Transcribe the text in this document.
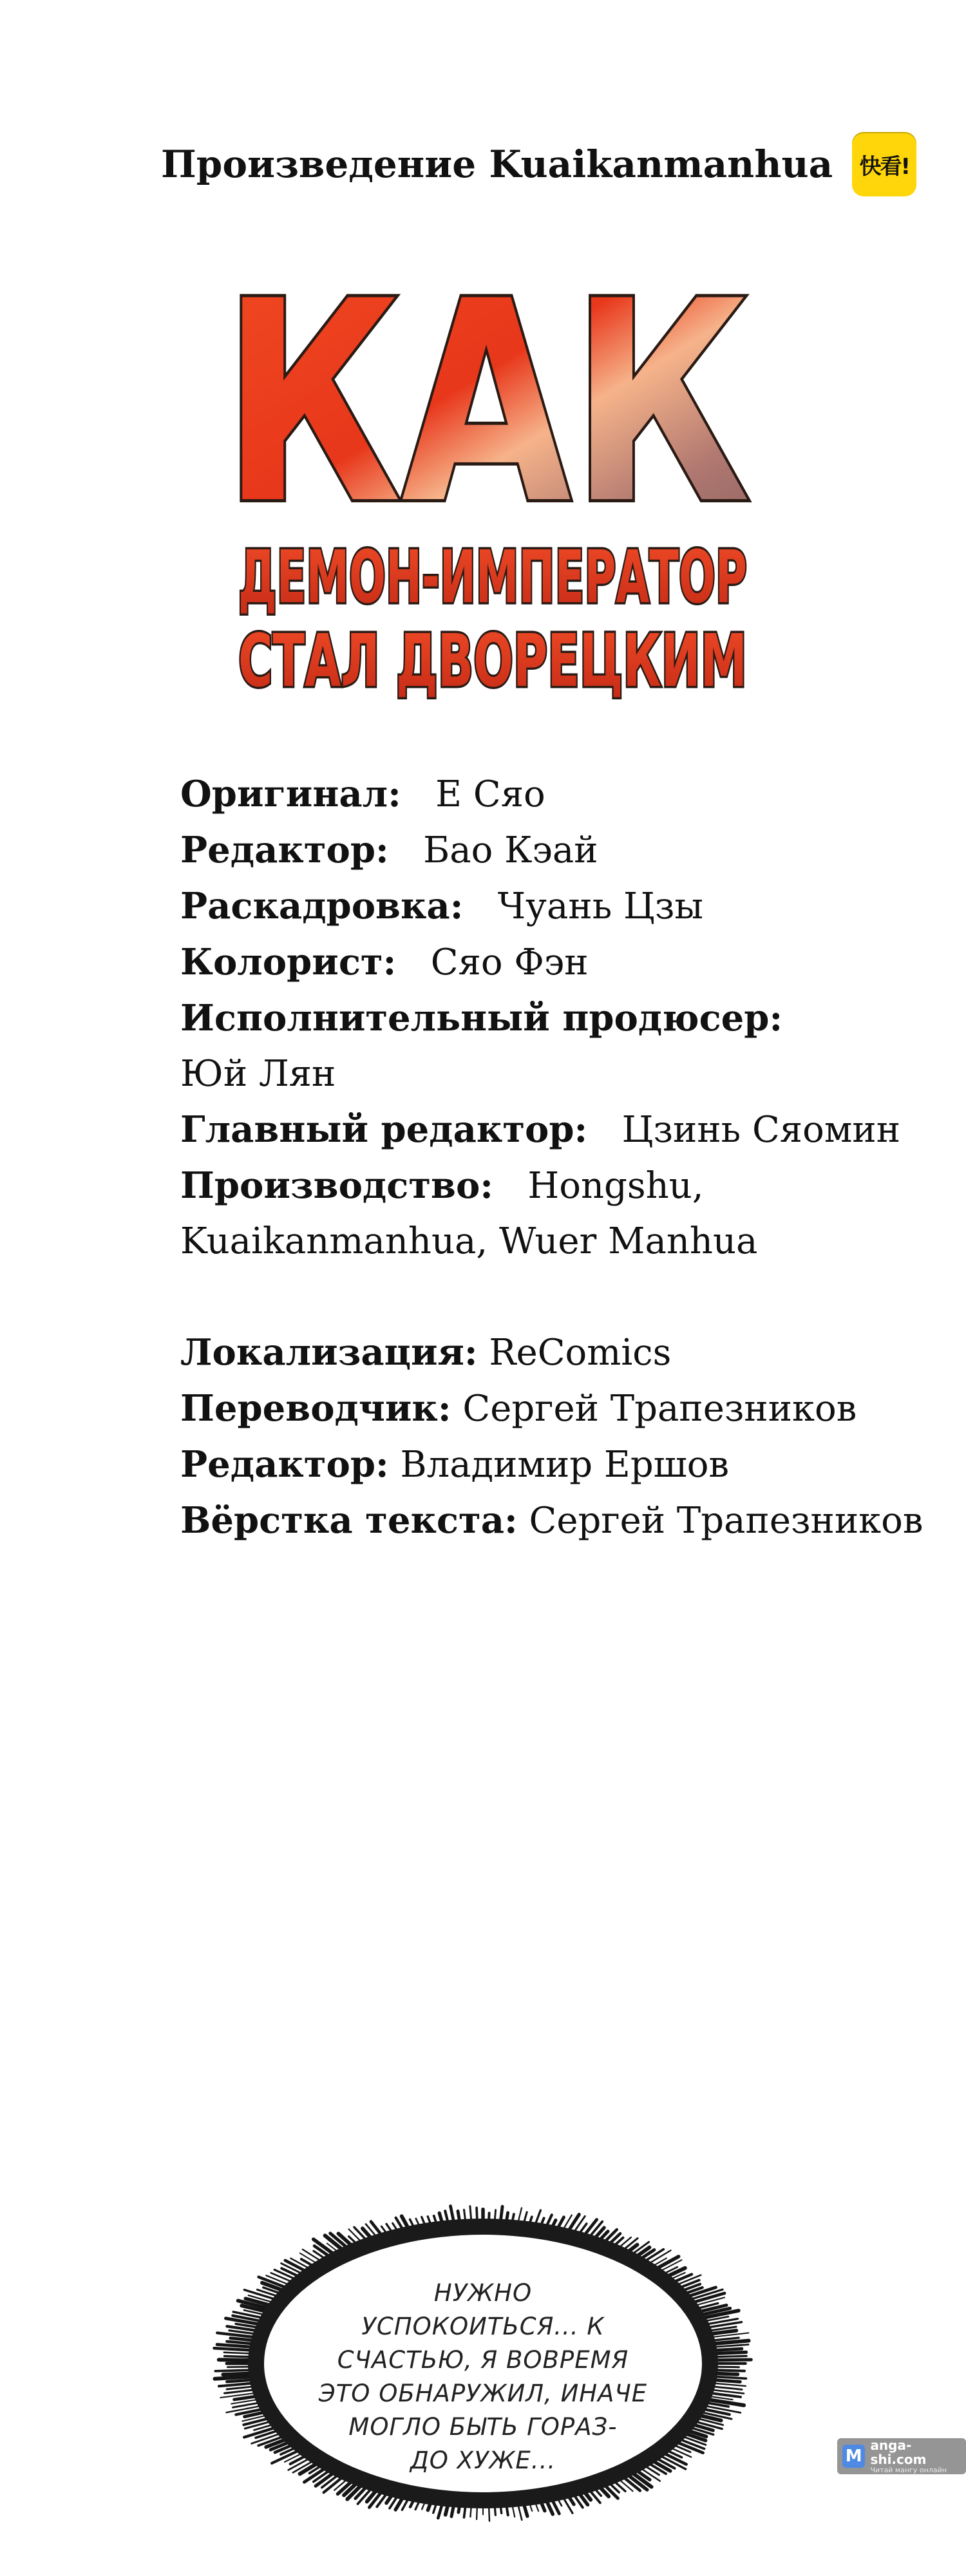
Произведение Kuaikanmanhua 快看!
КАК
ДЕМОН-ИМПЕРАТОР
СТАЛ ДВОРЕЦКИМ
Оригинал: Е Сяо
Редактор: Бао Кэай
Раскадровка: Чуань Цзы
Колорист: Сяо Фэн
Исполнительный продюсер:
Юй Лян
Главный редактор: Цзинь Сяомин
Производство: Hongshu,
Kuaikanmanhua, Wuer Manhua
Локализация: ReComics
Переводчик: Сергей Трапезников
Редактор: Владимир Ершов
Вёрстка текста: Сергей Трапезников
НУЖНО
УСПОКОИТЬСЯ... К
СЧАСТЬЮ, Я ВОВРЕМЯ
ЭТО ОБНАРУЖИЛ, ИНАЧЕ
МОГЛО БЫТЬ ГОРАЗ-
ДО ХУЖЕ...	M
anga-shi.com
Читай мангу онлайн
